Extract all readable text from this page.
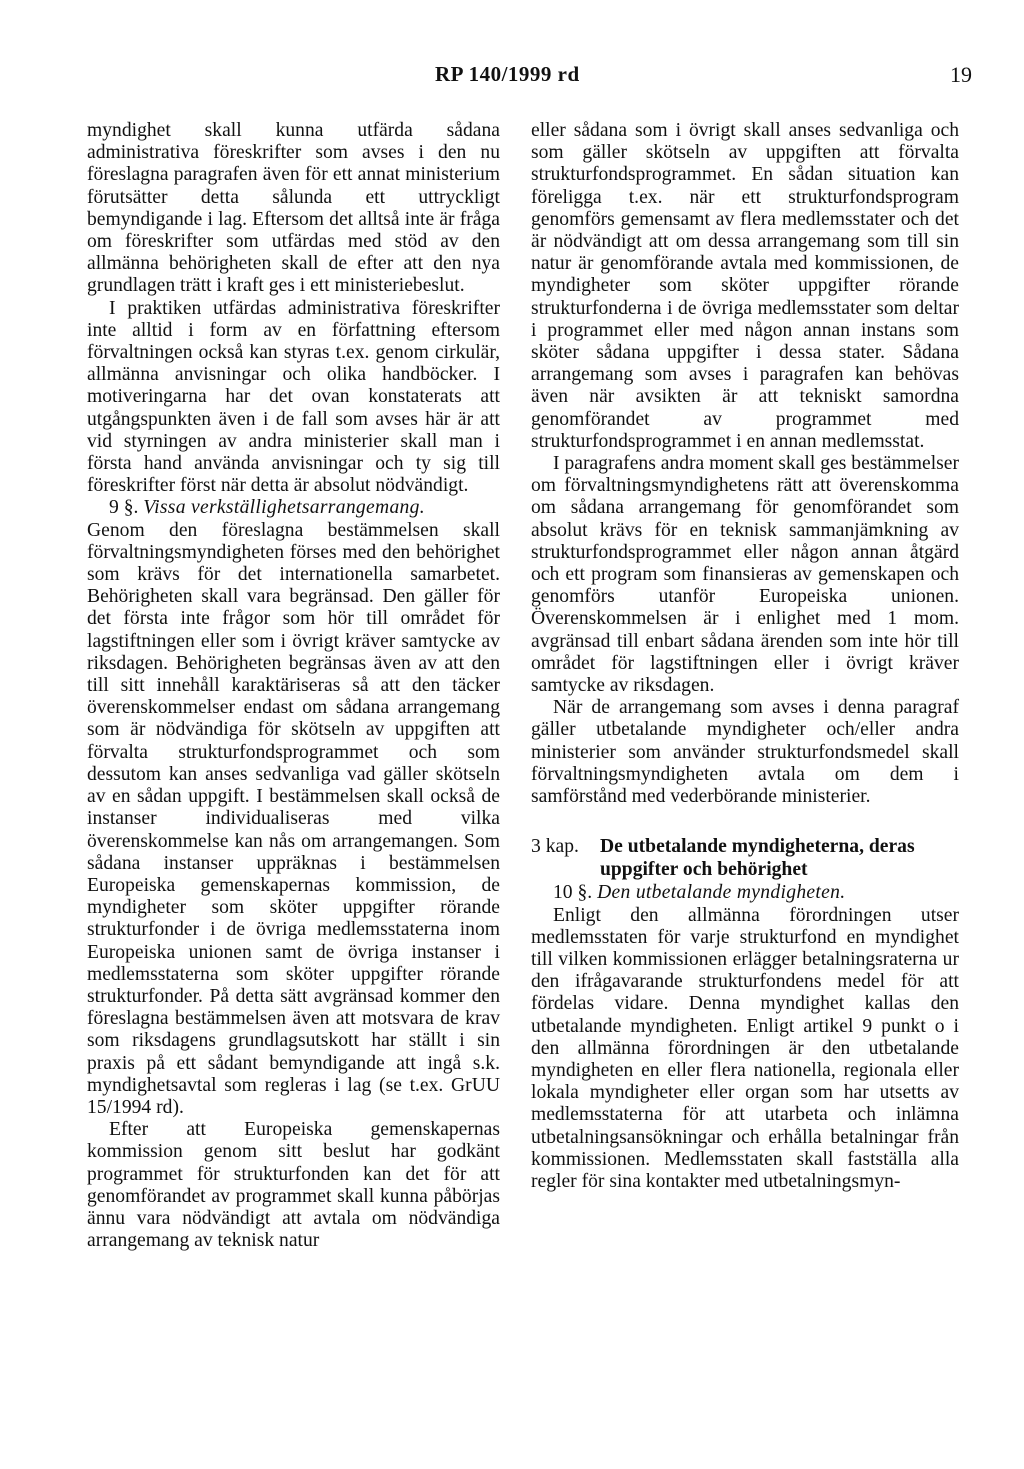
RP 140/1999 rd	19

myndighet skall kunna utfärda sådana administrativa föreskrifter som avses i den nu föreslagna paragrafen även för ett annat ministerium förutsätter detta sålunda ett uttryckligt bemyndigande i lag. Eftersom det alltså inte är fråga om föreskrifter som utfärdas med stöd av den allmänna behörigheten skall de efter att den nya grundlagen trätt i kraft ges i ett ministeriebeslut.

I praktiken utfärdas administrativa föreskrifter inte alltid i form av en författning eftersom förvaltningen också kan styras t.ex. genom cirkulär, allmänna anvisningar och olika handböcker. I motiveringarna har det ovan konstaterats att utgångspunkten även i de fall som avses här är att vid styrningen av andra ministerier skall man i första hand använda anvisningar och ty sig till föreskrifter först när detta är absolut nödvändigt.

9 §. Vissa verkställighetsarrangemang.

Genom den föreslagna bestämmelsen skall förvaltningsmyndigheten förses med den behörighet som krävs för det internationella samarbetet. Behörigheten skall vara begränsad. Den gäller för det första inte frågor som hör till området för lagstiftningen eller som i övrigt kräver samtycke av riksdagen. Behörigheten begränsas även av att den till sitt innehåll karaktäriseras så att den täcker överenskommelser endast om sådana arrangemang som är nödvändiga för skötseln av uppgiften att förvalta strukturfondsprogrammet och som dessutom kan anses sedvanliga vad gäller skötseln av en sådan uppgift. I bestämmelsen skall också de instanser individualiseras med vilka överenskommelse kan nås om arrangemangen. Som sådana instanser uppräknas i bestämmelsen Europeiska gemenskapernas kommission, de myndigheter som sköter uppgifter rörande strukturfonder i de övriga medlemsstaterna inom Europeiska unionen samt de övriga instanser i medlemsstaterna som sköter uppgifter rörande strukturfonder. På detta sätt avgränsad kommer den föreslagna bestämmelsen även att motsvara de krav som riksdagens grundlagsutskott har ställt i sin praxis på ett sådant bemyndigande att ingå s.k. myndighetsavtal som regleras i lag (se t.ex. GrUU 15/1994 rd).

Efter att Europeiska gemenskapernas kommission genom sitt beslut har godkänt programmet för strukturfonden kan det för att genomförandet av programmet skall kunna påbörjas ännu vara nödvändigt att avtala om nödvändiga arrangemang av teknisk natur

eller sådana som i övrigt skall anses sedvanliga och som gäller skötseln av uppgiften att förvalta strukturfondsprogrammet. En sådan situation kan föreligga t.ex. när ett strukturfondsprogram genomförs gemensamt av flera medlemsstater och det är nödvändigt att om dessa arrangemang som till sin natur är genomförande avtala med kommissionen, de myndigheter som sköter uppgifter rörande strukturfonderna i de övriga medlemsstater som deltar i programmet eller med någon annan instans som sköter sådana uppgifter i dessa stater. Sådana arrangemang som avses i paragrafen kan behövas även när avsikten är att tekniskt samordna genomförandet av programmet med strukturfondsprogrammet i en annan medlemsstat.

I paragrafens andra moment skall ges bestämmelser om förvaltningsmyndighetens rätt att överenskomma om sådana arrangemang för genomförandet som absolut krävs för en teknisk sammanjämkning av strukturfondsprogrammet eller någon annan åtgärd och ett program som finansieras av gemenskapen och genomförs utanför Europeiska unionen. Överenskommelsen är i enlighet med 1 mom. avgränsad till enbart sådana ärenden som inte hör till området för lagstiftningen eller i övrigt kräver samtycke av riksdagen.

När de arrangemang som avses i denna paragraf gäller utbetalande myndigheter och/eller andra ministerier som använder strukturfondsmedel skall förvaltningsmyndigheten avtala om dem i samförstånd med vederbörande ministerier.

3 kap. De utbetalande myndigheterna, deras uppgifter och behörighet

10 §. Den utbetalande myndigheten.

Enligt den allmänna förordningen utser medlemsstaten för varje strukturfond en myndighet till vilken kommissionen erlägger betalningsraterna ur den ifrågavarande strukturfondens medel för att fördelas vidare. Denna myndighet kallas den utbetalande myndigheten. Enligt artikel 9 punkt o i den allmänna förordningen är den utbetalande myndigheten en eller flera nationella, regionala eller lokala myndigheter eller organ som har utsetts av medlemsstaterna för att utarbeta och inlämna utbetalningsansökningar och erhålla betalningar från kommissionen. Medlemsstaten skall fastställa alla regler för sina kontakter med utbetalningsmyn-
